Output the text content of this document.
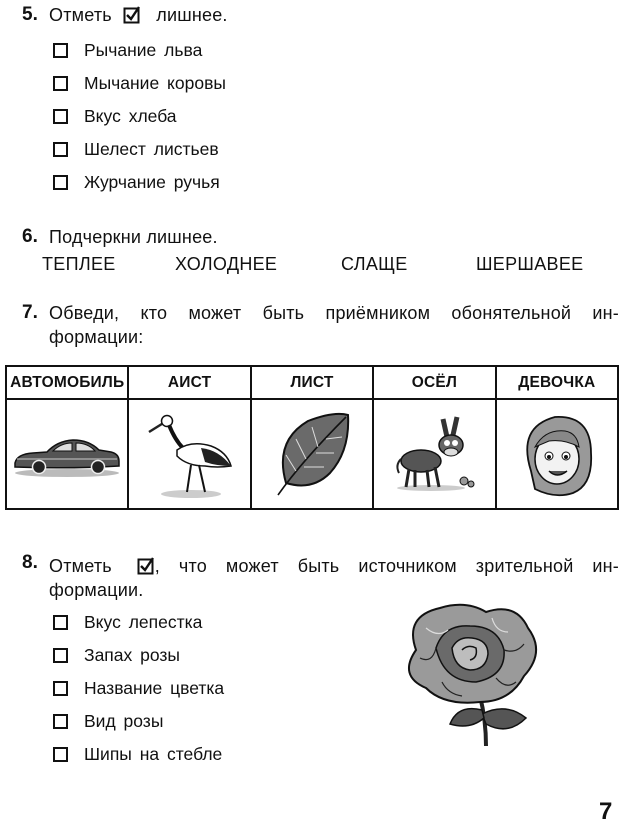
5. Отметь лишнее.
Рычание льва
Мычание коровы
Вкус хлеба
Шелест листьев
Журчание ручья
6. Подчеркни лишнее.
ТЕПЛЕЕ	ХОЛОДНЕЕ	СЛАЩЕ	ШЕРШАВЕЕ
7. Обведи, кто может быть приёмником обонятельной ин-
формации:
АВТОМОБИЛЬ	АИСТ	ЛИСТ	ОСЁЛ	ДЕВОЧКА
8. Отметь , что может быть источником зрительной ин-
формации.
Вкус лепестка
Запах розы
Название цветка
Вид розы
Шипы на стебле
7
